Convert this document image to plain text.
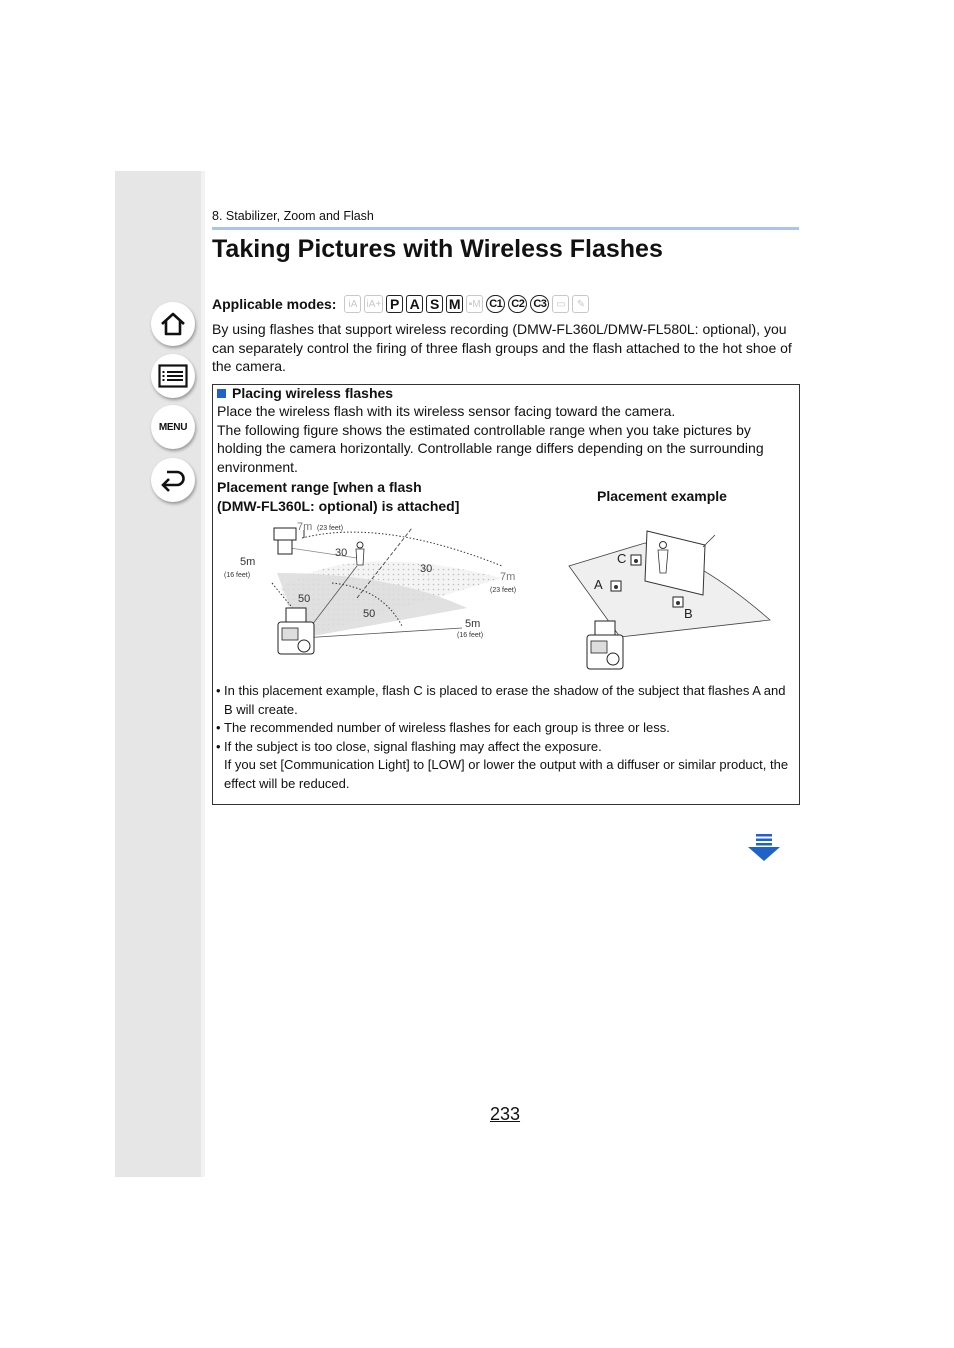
MENU
8. Stabilizer, Zoom and Flash
Taking Pictures with Wireless Flashes
Applicable modes:	iA iA+ P A S M ▪M C1 C2 C3 ▭	✎

By using flashes that support wireless recording (DMW-FL360L/DMW-FL580L: optional), you can separately control the firing of three flash groups and the flash attached to the hot shoe of the camera.

Placing wireless flashes

Place the wireless flash with its wireless sensor facing toward the camera.
The following figure shows the estimated controllable range when you take pictures by holding the camera horizontally. Controllable range differs depending on the surrounding environment.

Placement range [when a flash
(DMW-FL360L: optional) is attached]

Placement example
7m (23 feet)
5m
(16 feet)
30
30
7m
(23 feet)
50
50
5m
(16 feet)
A
B
C
• In this placement example, flash C is placed to erase the shadow of the subject that flashes A and B will create.
• The recommended number of wireless flashes for each group is three or less.
• If the subject is too close, signal flashing may affect the exposure.
If you set [Communication Light] to [LOW] or lower the output with a diffuser or similar product, the effect will be reduced.
233
